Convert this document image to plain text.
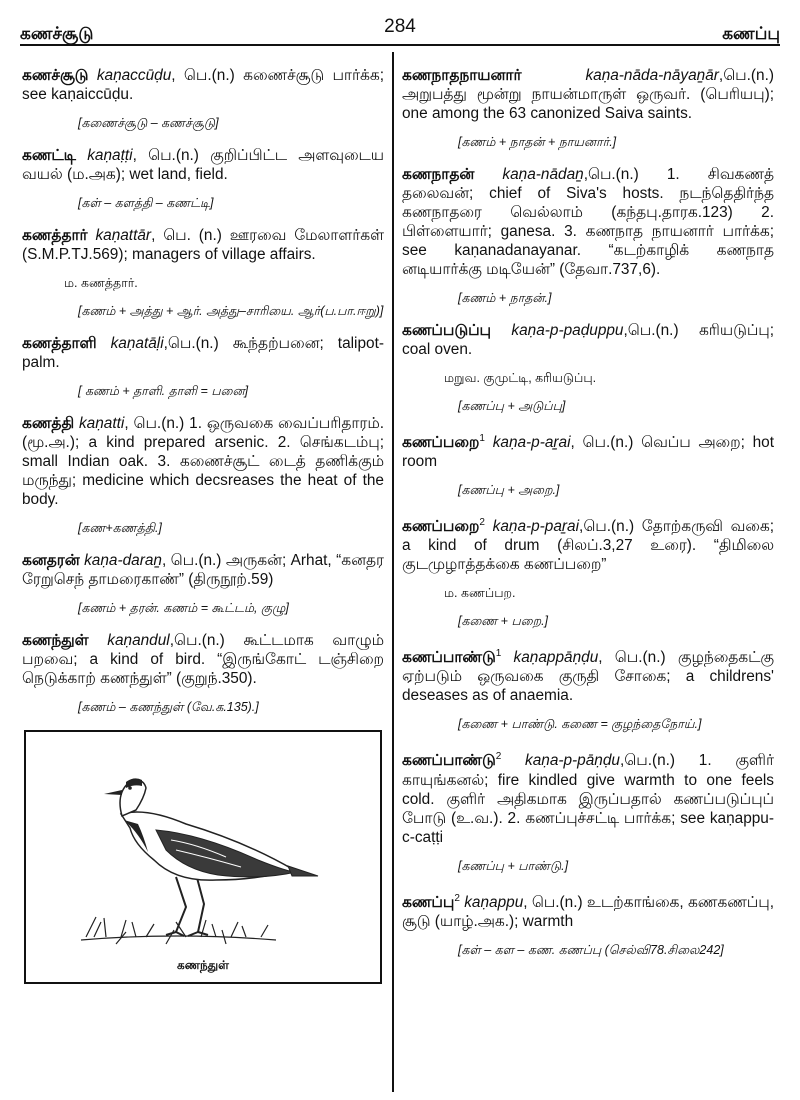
கணச்சூடு	284	கணப்பு

கணச்சூடு kaṇaccūḍu, பெ.(n.) கணைச்சூடு பார்க்க; see kaṇaiccūḍu.

[கணைச்சூடு – கணச்சூடு]

கணட்டி kaṇaṭṭi, பெ.(n.) குறிப்பிட்ட அளவுடைய வயல் (ம.அக); wet land, field.

[கள் – களத்தி – கணட்டி]

கணத்தார் kaṇattār, பெ. (n.) ஊரவை மேலாளர்கள் (S.M.P.TJ.569); managers of village affairs.

ம. கணத்தார்.
[கணம் + அத்து + ஆர். அத்து–சாரியை. ஆர்(ப.பா.ஈறு)]

கணத்தாளி kaṇatāḷi,பெ.(n.) கூந்தற்பனை; talipot-palm.

[ கணம் + தாளி. தாளி = பனை]

கணத்தி kaṇatti, பெ.(n.) 1. ஒருவகை வைப்பரிதாரம். (மூ.அ.); a kind prepared arsenic. 2. செங்கடம்பு; small Indian oak. 3. கணைச்சூட் டைத் தணிக்கும் மருந்து; medicine which decsreases the heat of the body.

[கண+கணத்தி.]

கனதரன் kaṇa-daraṉ, பெ.(n.) அருகன்; Arhat, “கனதர ரேறுசெந் தாமரைகாண்” (திருநூற்.59)

[கணம் + தரன். கணம் = கூட்டம், குழு]

கணந்துள் kaṇandul,பெ.(n.) கூட்டமாக வாழும் பறவை; a kind of bird. “இருங்கோட் டஞ்சிறை நெடுக்காற் கணந்துள்” (குறுந்.350).

[கணம் – கணந்துள் (வே.க.135).]
கணந்துள்

கணநாதநாயனார்	kaṇa-nāda-nāyaṉār,பெ.(n.) அறுபத்து மூன்று நாயன்மாருள் ஒருவர். (பெரியபு); one among the 63 canonized Saiva saints.

[கணம் + நாதன் + நாயனார்.]

கணநாதன் kaṇa-nādaṉ,பெ.(n.) 1. சிவகணத் தலைவன்; chief of Siva's hosts. நடந்தெதிர்ந்த கணநாதரை வெல்லாம் (கந்தபு.தாரக.123) 2. பிள்ளையார்; ganesa. 3. கணநாத நாயனார் பார்க்க; see kaṇanadanayanar. “கடற்காழிக் கணநாத னடியார்க்கு மடியேன்” (தேவா.737,6).

[கணம் + நாதன்.]

கணப்படுப்பு kaṇa-p-paḍuppu,பெ.(n.) கரியடுப்பு; coal oven.

மறுவ. குமுட்டி, கரியடுப்பு.
[கணப்பு + அடுப்பு]

கணப்பறை$^1$ kaṇa-p-aṟai, பெ.(n.) வெப்ப அறை; hot room

[கணப்பு + அறை.]

கணப்பறை$^2$ kaṇa-p-paṟai,பெ.(n.) தோற்கருவி வகை; a kind of drum (சிலப்.3,27 உரை). “திமிலை குடமுழாத்தக்கை கணப்பறை”

ம. கணப்பற.
[கணை + பறை.]

கணப்பாண்டு$^1$ kaṇappāṇḍu, பெ.(n.) குழந்தைகட்கு ஏற்படும் ஒருவகை குருதி சோகை; a childrens' deseases as of anaemia.

[கணை + பாண்டு. கணை = குழந்தைநோய்.]

கணப்பாண்டு$^2$ kaṇa-p-pāṇḍu,பெ.(n.) 1. குளிர் காயுங்கனல்; fire kindled give warmth to one feels cold. குளிர் அதிகமாக இருப்பதால் கணப்படுப்புப் போடு (உ.வ.). 2. கணப்புச்சட்டி பார்க்க; see kaṇappu-c-caṭṭi

[கணப்பு + பாண்டு.]

கணப்பு$^2$ kaṇappu, பெ.(n.) உடற்காங்கை, கணகணப்பு, சூடு (யாழ்.அக.); warmth

[கள் – கள – கண. கணப்பு (செல்வி78.சிலை242]
